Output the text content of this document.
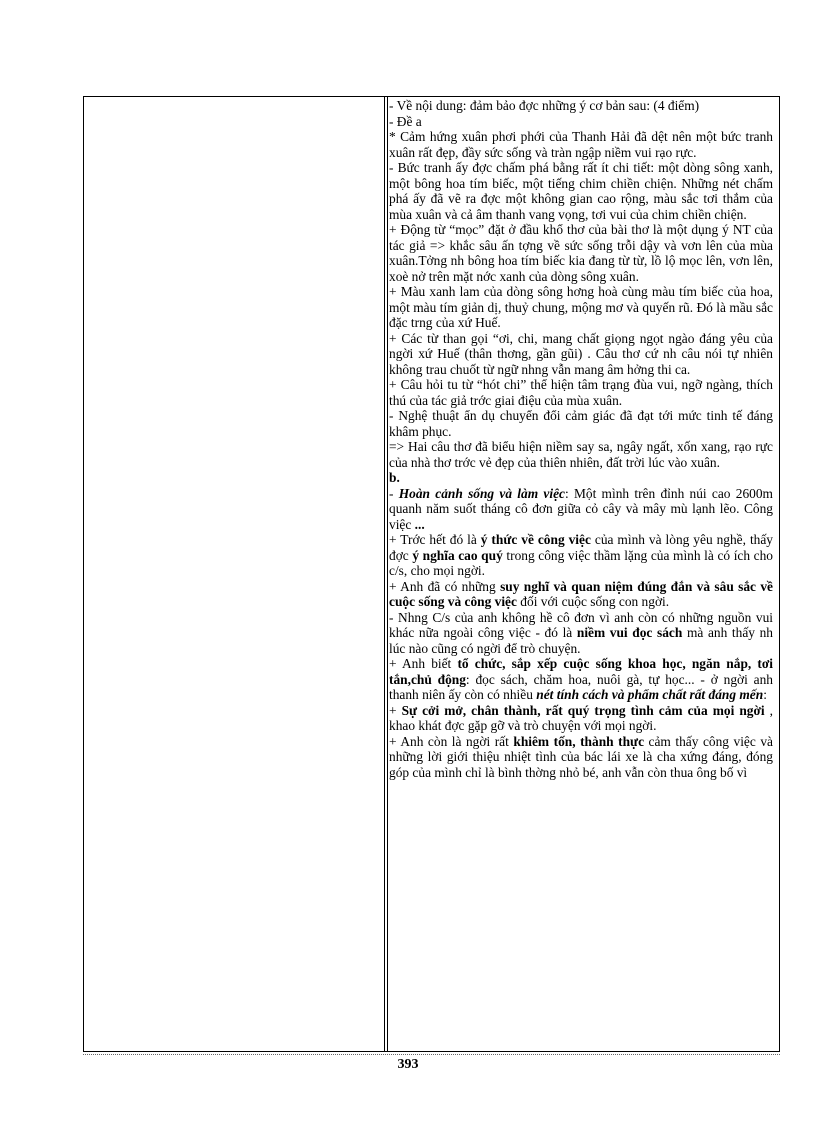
- Về nội dung: đảm bảo đợc những ý cơ bản sau: (4 điểm)

- Đề a

* Cảm hứng xuân phơi phới của Thanh Hải đã dệt nên một bức tranh xuân rất đẹp, đầy sức sống và tràn ngập niềm vui rạo rực.

- Bức tranh ấy đợc chấm phá bằng rất ít chi tiết: một dòng sông xanh, một bông hoa tím biếc, một tiếng chim chiền chiện. Những nét chấm phá ấy đã vẽ ra đợc một không gian cao rộng, màu sắc tơi thắm của mùa xuân và cả âm thanh vang vọng, tơi vui của chim chiền chiện.

+ Động từ “mọc” đặt ở đầu khổ thơ của bài thơ là một dụng ý NT của tác giả => khắc sâu ấn tợng về sức sống trỗi dậy và vơn lên của mùa xuân.Tởng nh bông hoa tím biếc kia đang từ từ, lồ lộ mọc lên, vơn lên, xoè nở trên mặt nớc xanh của dòng sông xuân.

+ Màu xanh lam của dòng sông hơng hoà cùng màu tím biếc của hoa, một màu tím giản dị, thuỷ chung, mộng mơ và quyến rũ. Đó là mầu sắc đặc trng của xứ Huế.

+ Các từ than gọi “ơi, chi, mang chất giọng ngọt ngào đáng yêu của ngời xứ Huế (thân thơng, gần gũi) . Câu thơ cứ nh câu nói tự nhiên không trau chuốt từ ngữ nhng vẫn mang âm hởng thi ca.

+ Câu hỏi tu từ “hót chi” thể hiện tâm trạng đùa vui, ngỡ ngàng, thích thú của tác giả trớc giai điệu của mùa xuân.

- Nghệ thuật ẩn dụ chuyển đổi cảm giác đã đạt tới mức tinh tế đáng khâm phục.

=> Hai câu thơ đã biểu hiện niềm say sa, ngây ngất, xốn xang, rạo rực của nhà thơ trớc vẻ đẹp của thiên nhiên, đất trời lúc vào xuân.

b.

- Hoàn cảnh sống và làm việc: Một mình trên đỉnh núi cao 2600m quanh năm suốt tháng cô đơn giữa cỏ cây và mây mù lạnh lẽo. Công việc ...

+ Trớc hết đó là ý thức về công việc của mình và lòng yêu nghề, thấy đợc ý nghĩa cao quý trong công việc thầm lặng của mình là có ích cho c/s, cho mọi ngời.

+ Anh đã có những suy nghĩ và quan niệm đúng đắn và sâu sắc về cuộc sống và công việc đối với cuộc sống con ngời.

- Nhng C/s của anh không hề cô đơn vì anh còn có những nguồn vui khác nữa ngoài công việc - đó là niềm vui đọc sách mà anh thấy nh lúc nào cũng có ngời để trò chuyện.

+ Anh biết tổ chức, sắp xếp cuộc sống khoa học, ngăn nắp, tơi tắn,chủ động: đọc sách, chăm hoa, nuôi gà, tự học... - ở ngời anh thanh niên ấy còn có nhiều nét tính cách và phẩm chất rất đáng mến:

+ Sự cởi mở, chân thành, rất quý trọng tình cảm của mọi ngời , khao khát đợc gặp gỡ và trò chuyện với mọi ngời.

+ Anh còn là ngời rất khiêm tốn, thành thực cảm thấy công việc và những lời giới thiệu nhiệt tình của bác lái xe là cha xứng đáng, đóng góp của mình chỉ là bình thờng nhỏ bé, anh vẫn còn thua ông bố vì

393
